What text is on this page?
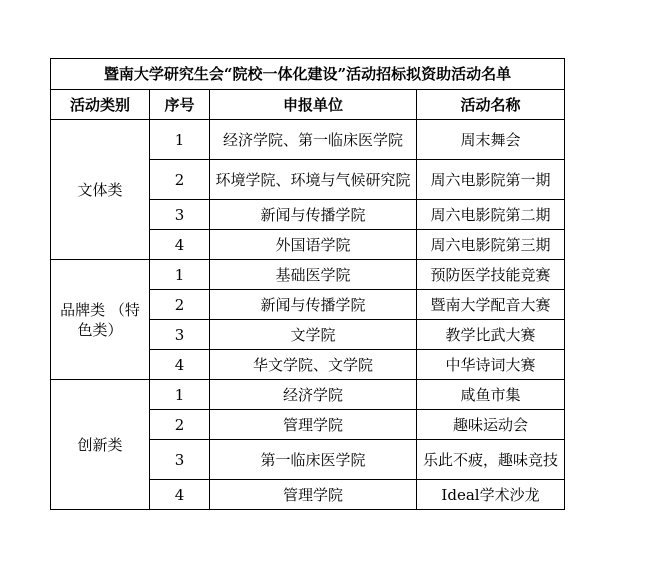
暨南大学研究生会“院校一体化建设”活动招标拟资助活动名单			
活动类别	序号	申报单位	活动名称
文体类	1	经济学院、第一临床医学院	周末舞会
	2	环境学院、环境与气候研究院	周六电影院第一期
	3	新闻与传播学院	周六电影院第二期
	4	外国语学院	周六电影院第三期
品牌类 （特色类）	1	基础医学院	预防医学技能竞赛
	2	新闻与传播学院	暨南大学配音大赛
	3	文学院	教学比武大赛
	4	华文学院、文学院	中华诗词大赛
创新类	1	经济学院	咸鱼市集
	2	管理学院	趣味运动会
	3	第一临床医学院	乐此不疲，趣味竞技
	4	管理学院	Ideal学术沙龙
